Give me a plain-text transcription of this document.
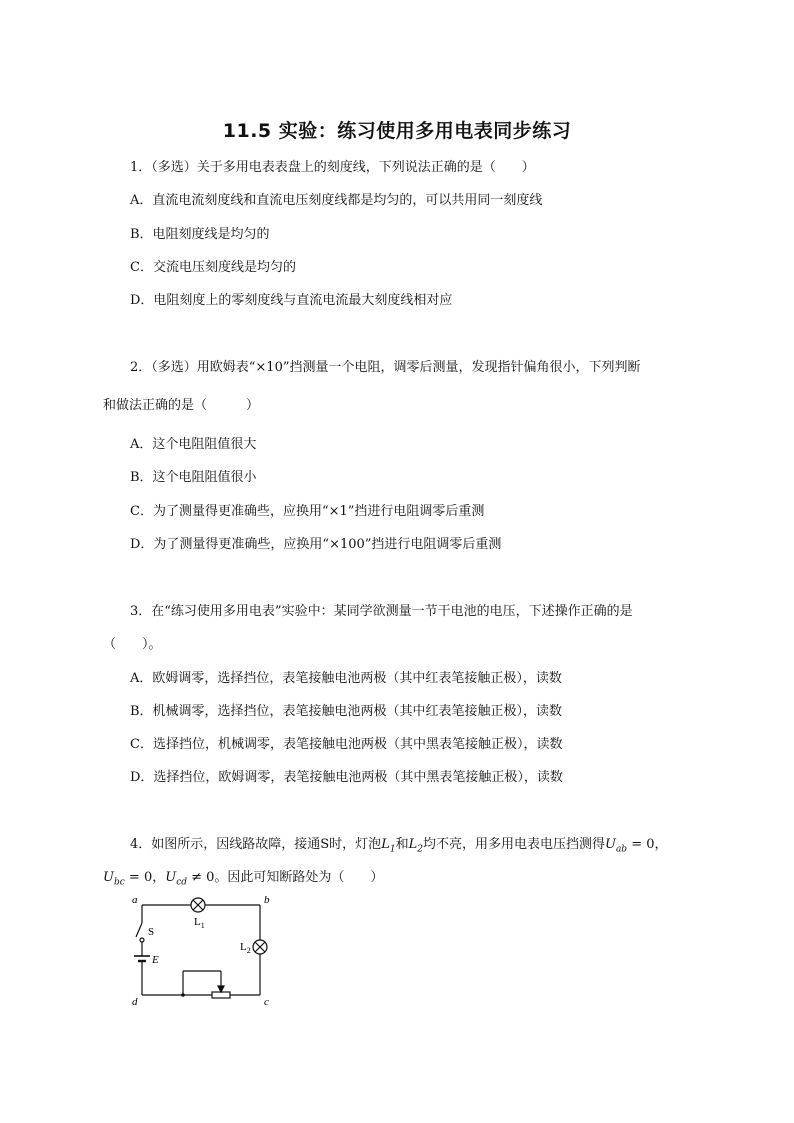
11.5 实验：练习使用多用电表同步练习
1．（多选）关于多用电表表盘上的刻度线，下列说法正确的是（　　）
A．直流电流刻度线和直流电压刻度线都是均匀的，可以共用同一刻度线
B．电阻刻度线是均匀的
C．交流电压刻度线是均匀的
D．电阻刻度上的零刻度线与直流电流最大刻度线相对应
2．（多选）用欧姆表“×10”挡测量一个电阻，调零后测量，发现指针偏角很小，下列判断
和做法正确的是（　　　）
A．这个电阻阻值很大
B．这个电阻阻值很小
C．为了测量得更准确些，应换用“×1”挡进行电阻调零后重测
D．为了测量得更准确些，应换用“×100”挡进行电阻调零后重测
3．在“练习使用多用电表”实验中：某同学欲测量一节干电池的电压，下述操作正确的是
（　　）。
A．欧姆调零，选择挡位，表笔接触电池两极（其中红表笔接触正极），读数
B．机械调零，选择挡位，表笔接触电池两极（其中红表笔接触正极），读数
C．选择挡位，机械调零，表笔接触电池两极（其中黑表笔接触正极），读数
D．选择挡位，欧姆调零，表笔接触电池两极（其中黑表笔接触正极），读数
4．如图所示，因线路故障，接通S时，灯泡$L_1$和$L_2$均不亮，用多用电表电压挡测得$U_{ab} = 0$，
$U_{bc} = 0$，$U_{cd} \ne 0$。因此可知断路处为（　　）
a	b
c
d
S
E
$L_1$
$L_2$
